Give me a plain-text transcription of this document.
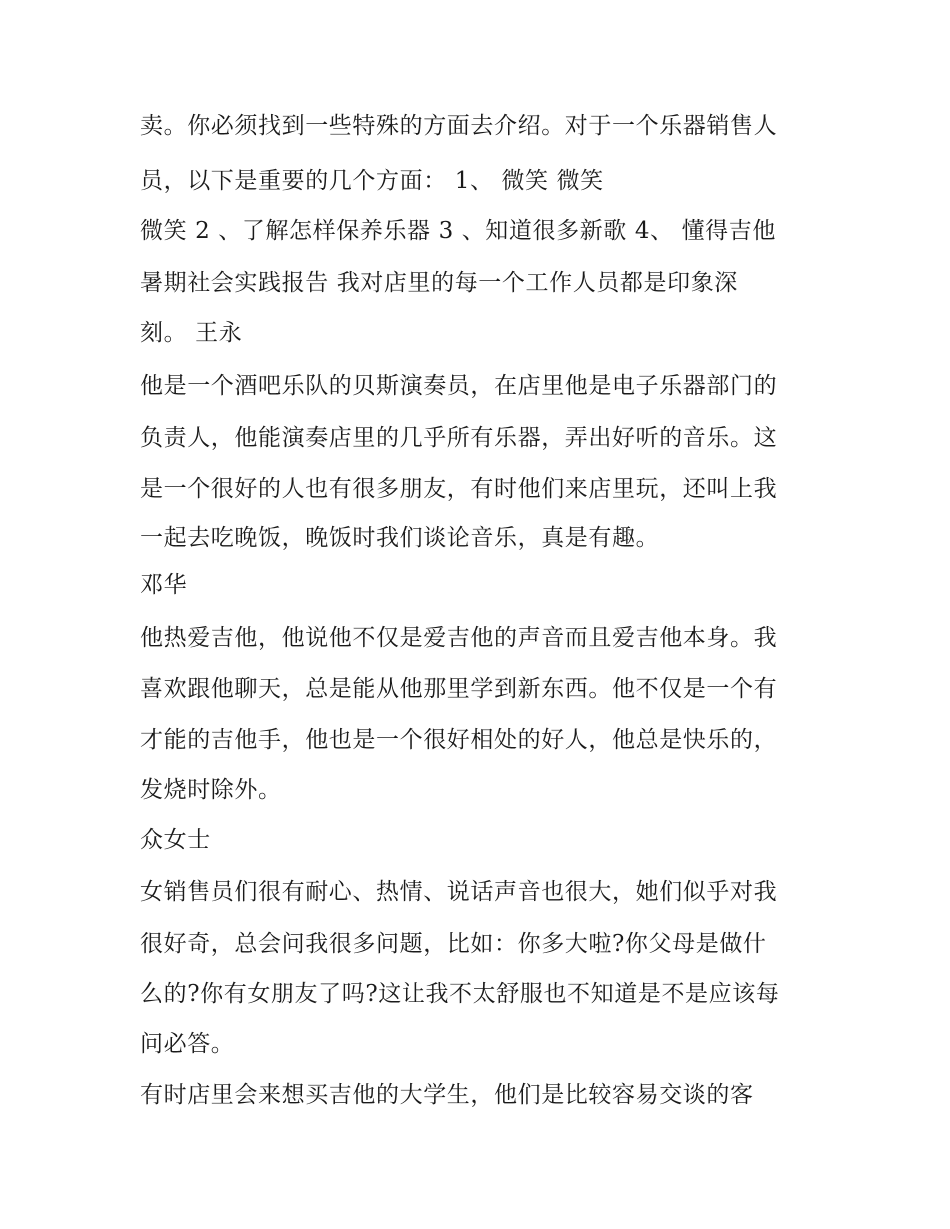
卖。你必须找到一些特殊的方面去介绍。对于一个乐器销售人
员，以下是重要的几个方面： 1、 微笑 微笑
微笑 2 、了解怎样保养乐器 3 、知道很多新歌 4、 懂得吉他
暑期社会实践报告 我对店里的每一个工作人员都是印象深
刻。 王永
他是一个酒吧乐队的贝斯演奏员，在店里他是电子乐器部门的
负责人，他能演奏店里的几乎所有乐器，弄出好听的音乐。这
是一个很好的人也有很多朋友，有时他们来店里玩，还叫上我
一起去吃晚饭，晚饭时我们谈论音乐，真是有趣。
邓华
他热爱吉他，他说他不仅是爱吉他的声音而且爱吉他本身。我
喜欢跟他聊天，总是能从他那里学到新东西。他不仅是一个有
才能的吉他手，他也是一个很好相处的好人，他总是快乐的，
发烧时除外。
众女士
女销售员们很有耐心、热情、说话声音也很大，她们似乎对我
很好奇，总会问我很多问题，比如：你多大啦?你父母是做什
么的?你有女朋友了吗?这让我不太舒服也不知道是不是应该每
问必答。
有时店里会来想买吉他的大学生，他们是比较容易交谈的客
